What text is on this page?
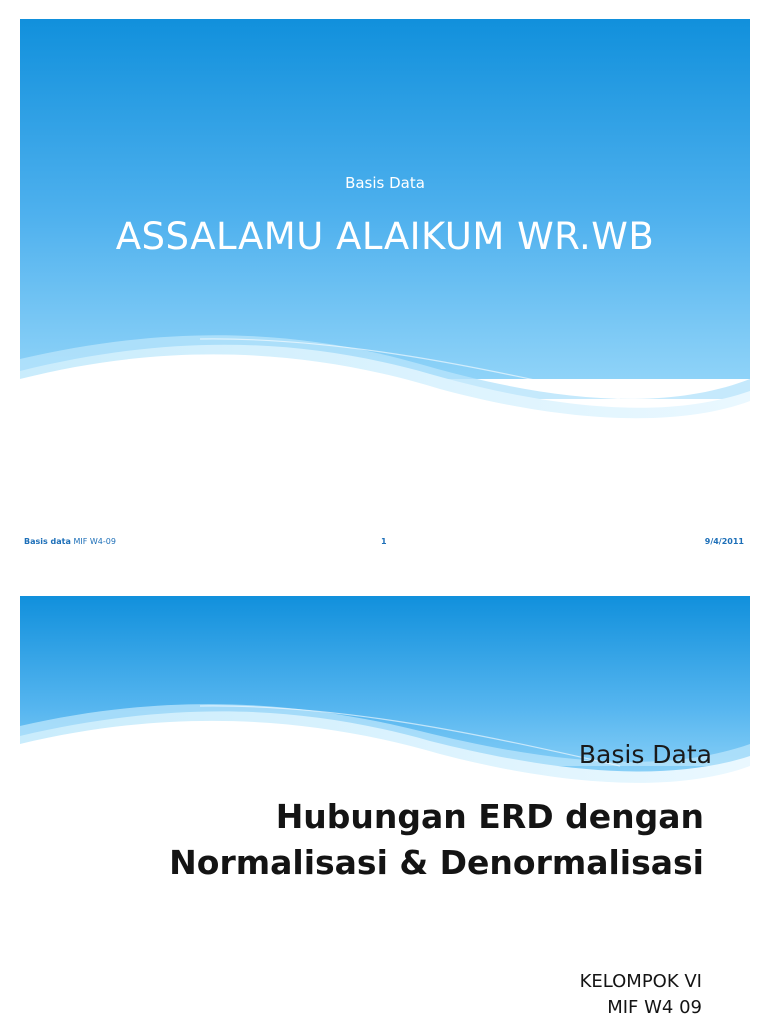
Basis Data
ASSALAMU ALAIKUM WR.WB
Basis data MIF W4-09	1	9/4/2011
Basis Data
Hubungan ERD dengan
Normalisasi & Denormalisasi
KELOMPOK VI
MIF W4 09
